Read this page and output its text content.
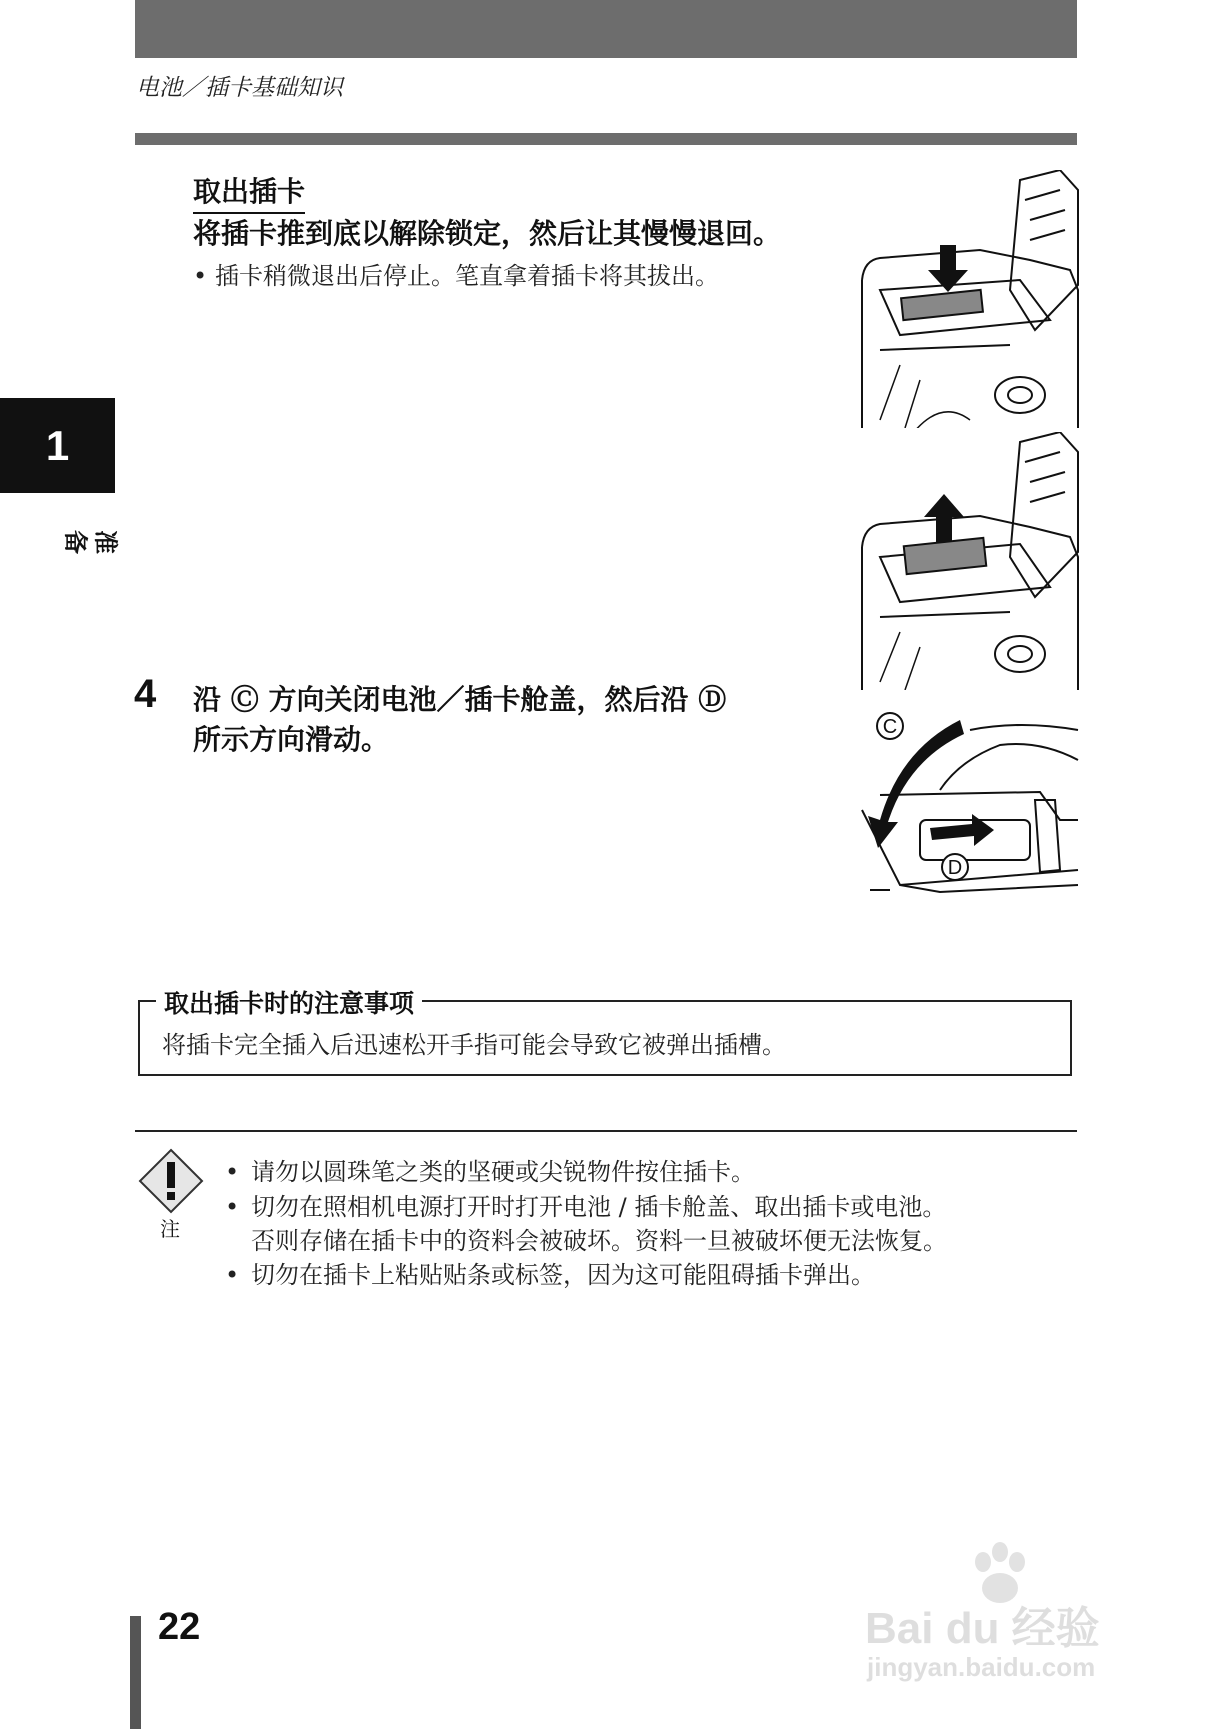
电池／插卡基础知识
1
准备
取出插卡
将插卡推到底以解除锁定，然后让其慢慢退回。
• 插卡稍微退出后停止。笔直拿着插卡将其拔出。
4 沿 Ⓒ 方向关闭电池／插卡舱盖，然后沿 Ⓓ
所示方向滑动。	C
D
取出插卡时的注意事项
将插卡完全插入后迅速松开手指可能会导致它被弹出插槽。
注
• 请勿以圆珠笔之类的坚硬或尖锐物件按住插卡。
• 切勿在照相机电源打开时打开电池 / 插卡舱盖、取出插卡或电池。
否则存储在插卡中的资料会被破坏。资料一旦被破坏便无法恢复。
• 切勿在插卡上粘贴贴条或标签，因为这可能阻碍插卡弹出。
22	Bai du 经验
jingyan.baidu.com
